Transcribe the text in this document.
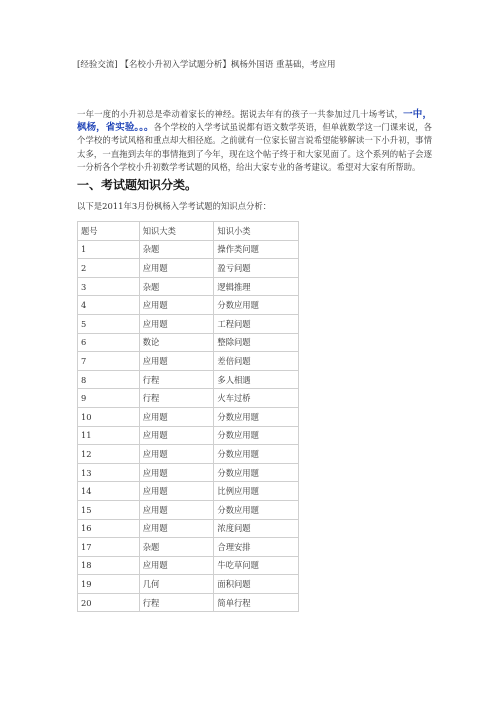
[经验交流] 【名校小升初入学试题分析】枫杨外国语 重基础，考应用
一年一度的小升初总是牵动着家长的神经。据说去年有的孩子一共参加过几十场考试，一中，枫杨，省实验。。。各个学校的入学考试虽说都有语文数学英语，但单就数学这一门课来说，各个学校的考试风格和重点却大相径庭。之前就有一位家长留言说希望能够解读一下小升初，事情太多，一直拖到去年的事情拖到了今年，现在这个帖子终于和大家见面了。这个系列的帖子会逐一分析各个学校小升初数学考试题的风格，给出大家专业的备考建议。希望对大家有所帮助。
一、考试题知识分类。
以下是2011年3月份枫杨入学考试题的知识点分析：
题号	知识大类	知识小类
1	杂题	操作类问题
2	应用题	盈亏问题
3	杂题	逻辑推理
4	应用题	分数应用题
5	应用题	工程问题
6	数论	整除问题
7	应用题	差倍问题
8	行程	多人相遇
9	行程	火车过桥
10	应用题	分数应用题
11	应用题	分数应用题
12	应用题	分数应用题
13	应用题	分数应用题
14	应用题	比例应用题
15	应用题	分数应用题
16	应用题	浓度问题
17	杂题	合理安排
18	应用题	牛吃草问题
19	几何	面积问题
20	行程	简单行程
